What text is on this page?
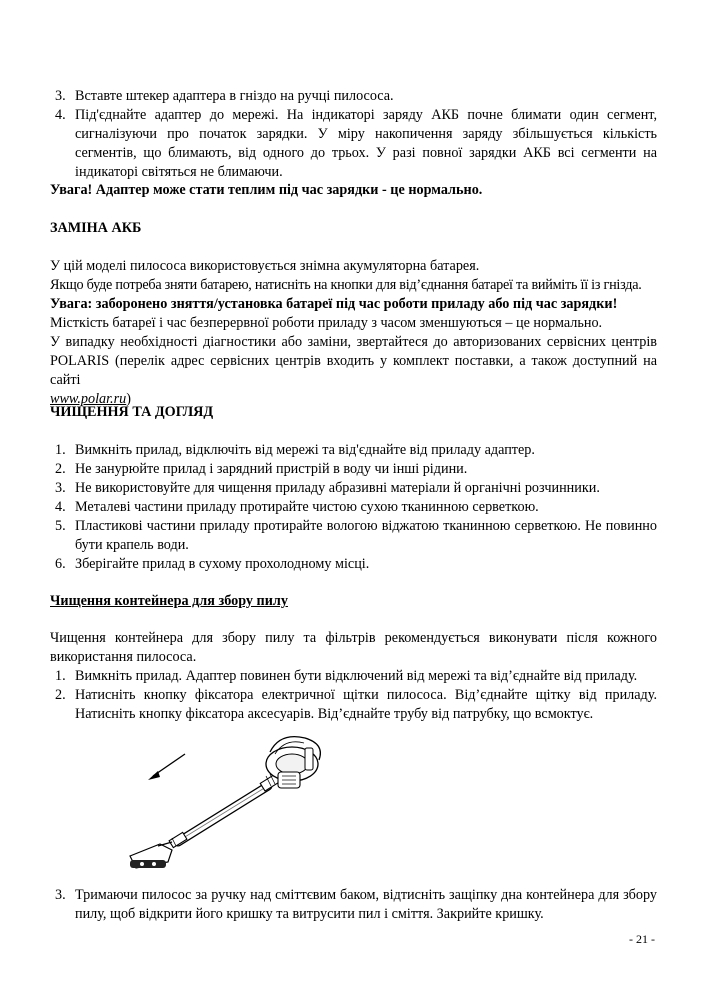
3. Вставте штекер адаптера в гніздо на ручці пилососа.
4. Під'єднайте адаптер до мережі. На індикаторі заряду АКБ почне блимати один сегмент, сигналізуючи про початок зарядки. У міру накопичення заряду збільшується кількість сегментів, що блимають, від одного до трьох. У разі повної зарядки АКБ всі сегменти на індикаторі світяться не блимаючи.

Увага! Адаптер може стати теплим під час зарядки - це нормально.

ЗАМІНА АКБ

У цій моделі пилососа використовується знімна акумуляторна батарея.

Якщо буде потреба зняти батарею, натисніть на кнопки для від’єднання батареї та вийміть її із гнізда.

Увага: заборонено зняття/установка батареї під час роботи приладу або під час зарядки!

Місткість батареї і час безперервної роботи приладу з часом зменшуються – це нормально.

У випадку необхідності діагностики або заміни, звертайтеся до авторизованих сервісних центрів POLARIS (перелік адрес сервісних центрів входить у комплект поставки, а також доступний на сайті
www.polar.ru)

ЧИЩЕННЯ ТА ДОГЛЯД

1. Вимкніть прилад, відключіть від мережі та від'єднайте від приладу адаптер.
2. Не занурюйте прилад і зарядний пристрій в воду чи інші рідини.
3. Не використовуйте для чищення приладу абразивні матеріали й органічні розчинники.
4. Металеві частини приладу протирайте чистою сухою тканинною серветкою.
5. Пластикові частини приладу протирайте вологою віджатою тканинною серветкою. Не повинно бути крапель води.
6. Зберігайте прилад в сухому прохолодному місці.

Чищення контейнера для збору пилу

Чищення контейнера для збору пилу та фільтрів рекомендується виконувати після кожного використання пилососа.

1. Вимкніть прилад. Адаптер повинен бути відключений від мережі та від’єднайте від приладу.
2. Натисніть кнопку фіксатора електричної щітки пилососа. Від’єднайте щітку від приладу. Натисніть кнопку фіксатора аксесуарів. Від’єднайте трубу від патрубку, що всмоктує.
3. Тримаючи пилосос за ручку над сміттєвим баком, відтисніть защіпку дна контейнера для збору пилу, щоб відкрити його кришку та витрусити пил і сміття. Закрийте кришку.
- 21 -
